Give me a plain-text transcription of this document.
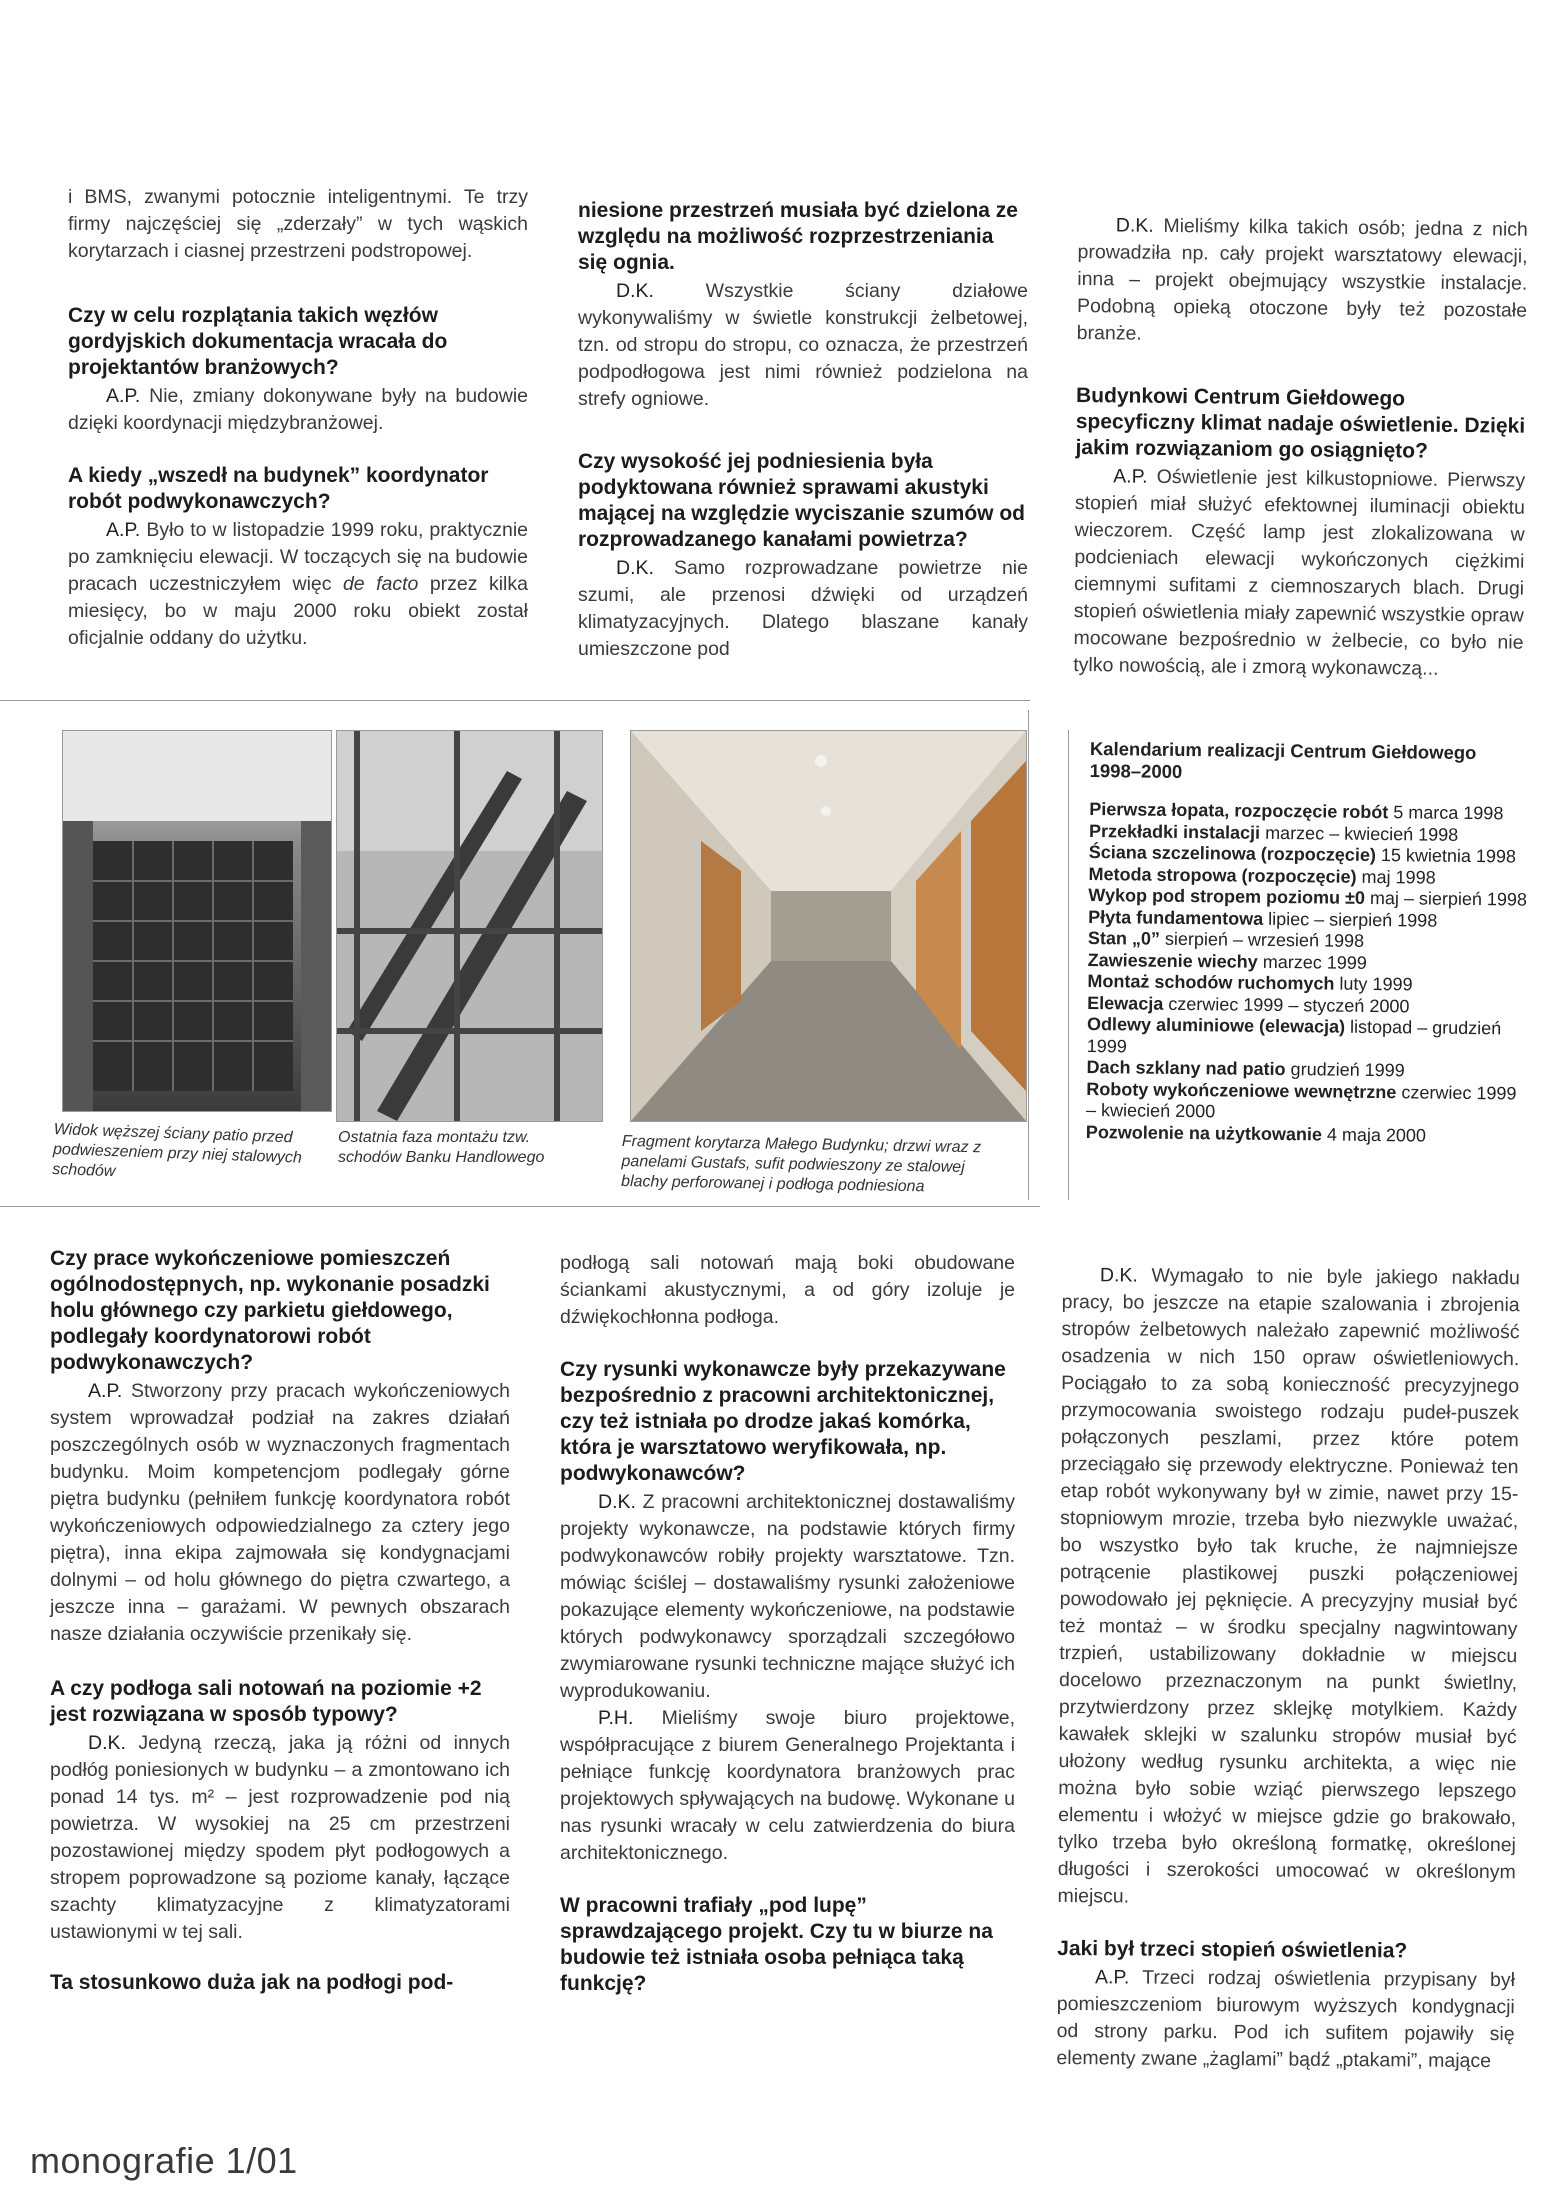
i BMS, zwanymi potocznie inteligentnymi. Te trzy firmy najczęściej się „zderzały” w tych wąskich korytarzach i ciasnej przestrzeni podstropowej.

Czy w celu rozplątania takich węzłów gordyjskich dokumentacja wracała do projektantów branżowych?

A.P. Nie, zmiany dokonywane były na budowie dzięki koordynacji międzybranżowej.

A kiedy „wszedł na budynek” koordynator robót podwykonawczych?

A.P. Było to w listopadzie 1999 roku, praktycznie po zamknięciu elewacji. W toczących się na budowie pracach uczestniczyłem więc de facto przez kilka miesięcy, bo w maju 2000 roku obiekt został oficjalnie oddany do użytku.

niesione przestrzeń musiała być dzielona ze względu na możliwość rozprzestrzeniania się ognia.

D.K.	Wszystkie ściany działowe wykonywaliśmy w świetle konstrukcji żelbetowej, tzn. od stropu do stropu, co oznacza, że przestrzeń podpodłogowa jest nimi również podzielona na strefy ogniowe.

Czy wysokość jej podniesienia była podyktowana również sprawami akustyki mającej na względzie wyciszanie szumów od rozprowadzanego kanałami powietrza?

D.K. Samo rozprowadzane powietrze nie szumi, ale przenosi dźwięki od urządzeń klimatyzacyjnych. Dlatego blaszane kanały umieszczone pod

D.K. Mieliśmy kilka takich osób; jedna z nich prowadziła np. cały projekt warsztatowy elewacji, inna – projekt obejmujący wszystkie instalacje. Podobną opieką otoczone były też pozostałe branże.

Budynkowi Centrum Giełdowego specyficzny klimat nadaje oświetlenie. Dzięki jakim rozwiązaniom go osiągnięto?

A.P. Oświetlenie jest kilkustopniowe. Pierwszy stopień miał służyć efektownej iluminacji obiektu wieczorem. Część lamp jest zlokalizowana w podcieniach elewacji wykończonych ciężkimi ciemnymi sufitami z ciemnoszarych blach. Drugi stopień oświetlenia miały zapewnić wszystkie opraw mocowane bezpośrednio w żelbecie, co było nie tylko nowością, ale i zmorą wykonawczą...

Widok węższej ściany patio przed podwieszeniem przy niej stalowych schodów
Ostatnia faza montażu tzw. schodów Banku Handlowego
Fragment korytarza Małego Budynku; drzwi wraz z panelami Gustafs, sufit podwieszony ze stalowej blachy perforowanej i podłoga podniesiona
Kalendarium realizacji Centrum Giełdowego 1998–2000
Pierwsza łopata, rozpoczęcie robót 5 marca 1998
Przekładki instalacji marzec – kwiecień 1998
Ściana szczelinowa (rozpoczęcie) 15 kwietnia 1998
Metoda stropowa (rozpoczęcie) maj 1998
Wykop pod stropem poziomu ±0 maj – sierpień 1998
Płyta fundamentowa lipiec – sierpień 1998
Stan „0” sierpień – wrzesień 1998
Zawieszenie wiechy marzec 1999
Montaż schodów ruchomych luty 1999
Elewacja czerwiec 1999 – styczeń 2000
Odlewy aluminiowe (elewacja) listopad – grudzień 1999
Dach szklany nad patio grudzień 1999
Roboty wykończeniowe wewnętrzne czerwiec 1999 – kwiecień 2000
Pozwolenie na użytkowanie 4 maja 2000

Czy prace wykończeniowe pomieszczeń ogólnodostępnych, np. wykonanie posadzki holu głównego czy parkietu giełdowego, podlegały koordynatorowi robót podwykonawczych?

A.P. Stworzony przy pracach wykończeniowych system wprowadzał podział na zakres działań poszczególnych osób w wyznaczonych fragmentach budynku. Moim kompetencjom podlegały górne piętra budynku (pełniłem funkcję koordynatora robót wykończeniowych odpowiedzialnego za cztery jego piętra), inna ekipa zajmowała się kondygnacjami dolnymi – od holu głównego do piętra czwartego, a jeszcze inna – garażami. W pewnych obszarach nasze działania oczywiście przenikały się.

A czy podłoga sali notowań na poziomie +2 jest rozwiązana w sposób typowy?

D.K. Jedyną rzeczą, jaka ją różni od innych podłóg poniesionych w budynku – a zmontowano ich ponad 14 tys. m² – jest rozprowadzenie pod nią powietrza. W wysokiej na 25 cm przestrzeni pozostawionej między spodem płyt podłogowych a stropem poprowadzone są poziome kanały, łączące szachty klimatyzacyjne z klimatyzatorami ustawionymi w tej sali.

Ta stosunkowo duża jak na podłogi pod-

podłogą sali notowań mają boki obudowane ściankami akustycznymi, a od góry izoluje je dźwiękochłonna podłoga.

Czy rysunki wykonawcze były przekazywane bezpośrednio z pracowni architektonicznej, czy też istniała po drodze jakaś komórka, która je warsztatowo weryfikowała, np. podwykonawców?

D.K. Z pracowni architektonicznej dostawaliśmy projekty wykonawcze, na podstawie których firmy podwykonawców robiły projekty warsztatowe. Tzn. mówiąc ściślej – dostawaliśmy rysunki założeniowe pokazujące elementy wykończeniowe, na podstawie których podwykonawcy sporządzali szczegółowo zwymiarowane rysunki techniczne mające służyć ich wyprodukowaniu.

P.H. Mieliśmy swoje biuro projektowe, współpracujące z biurem Generalnego Projektanta i pełniące funkcję koordynatora branżowych prac projektowych spływających na budowę. Wykonane u nas rysunki wracały w celu zatwierdzenia do biura architektonicznego.

W pracowni trafiały „pod lupę” sprawdzającego projekt. Czy tu w biurze na budowie też istniała osoba pełniąca taką funkcję?

D.K. Wymagało to nie byle jakiego nakładu pracy, bo jeszcze na etapie szalowania i zbrojenia stropów żelbetowych należało zapewnić możliwość osadzenia w nich 150 opraw oświetleniowych. Pociągało to za sobą konieczność precyzyjnego przymocowania swoistego rodzaju pudeł-puszek połączonych peszlami, przez które potem przeciągało się przewody elektryczne. Ponieważ ten etap robót wykonywany był w zimie, nawet przy 15-stopniowym mrozie, trzeba było niezwykle uważać, bo wszystko było tak kruche, że najmniejsze potrącenie plastikowej puszki połączeniowej powodowało jej pęknięcie. A precyzyjny musiał być też montaż – w środku specjalny nagwintowany trzpień, ustabilizowany dokładnie w miejscu docelowo przeznaczonym na punkt świetlny, przytwierdzony przez sklejkę motylkiem. Każdy kawałek sklejki w szalunku stropów musiał być ułożony według rysunku architekta, a więc nie można było sobie wziąć pierwszego lepszego elementu i włożyć w miejsce gdzie go brakowało, tylko trzeba było określoną formatkę, określonej długości i szerokości umocować w określonym miejscu.

Jaki był trzeci stopień oświetlenia?

A.P. Trzeci rodzaj oświetlenia przypisany był pomieszczeniom biurowym wyższych kondygnacji od strony parku. Pod ich sufitem pojawiły się elementy zwane „żaglami” bądź „ptakami”, mające

monografie 1/01
